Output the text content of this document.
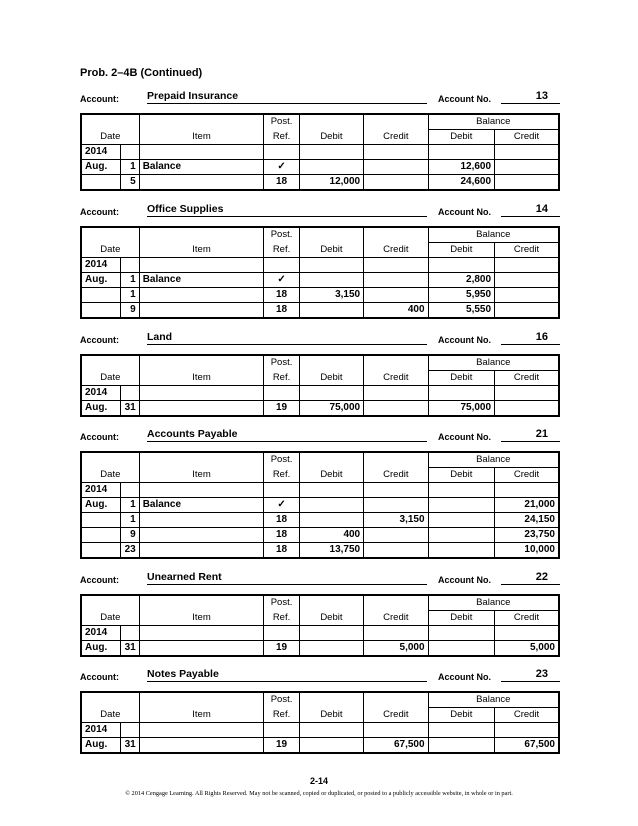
Prob. 2–4B (Continued)
Account:	Prepaid Insurance	Account No.	13
			Post.			Balance	
Date		Item	Ref.	Debit	Credit	Debit	Credit
2014							
Aug.	1	Balance	✓			12,600	
	5		18	12,000		24,600	
Account:	Office Supplies	Account No.	14
			Post.			Balance	
Date		Item	Ref.	Debit	Credit	Debit	Credit
2014							
Aug.	1	Balance	✓			2,800	
	1		18	3,150		5,950	
	9		18		400	5,550	
Account:	Land	Account No.	16
			Post.			Balance	
Date		Item	Ref.	Debit	Credit	Debit	Credit
2014							
Aug.	31		19	75,000		75,000	
Account:	Accounts Payable	Account No.	21
			Post.			Balance	
Date		Item	Ref.	Debit	Credit	Debit	Credit
2014							
Aug.	1	Balance	✓				21,000
	1		18		3,150		24,150
	9		18	400			23,750
	23		18	13,750			10,000
Account:	Unearned Rent	Account No.	22
			Post.			Balance	
Date		Item	Ref.	Debit	Credit	Debit	Credit
2014							
Aug.	31		19		5,000		5,000
Account:	Notes Payable	Account No.	23
			Post.			Balance	
Date		Item	Ref.	Debit	Credit	Debit	Credit
2014							
Aug.	31		19		67,500		67,500
2-14
© 2014 Cengage Learning. All Rights Reserved. May not be scanned, copied or duplicated, or posted to a publicly accessible website, in whole or in part.
